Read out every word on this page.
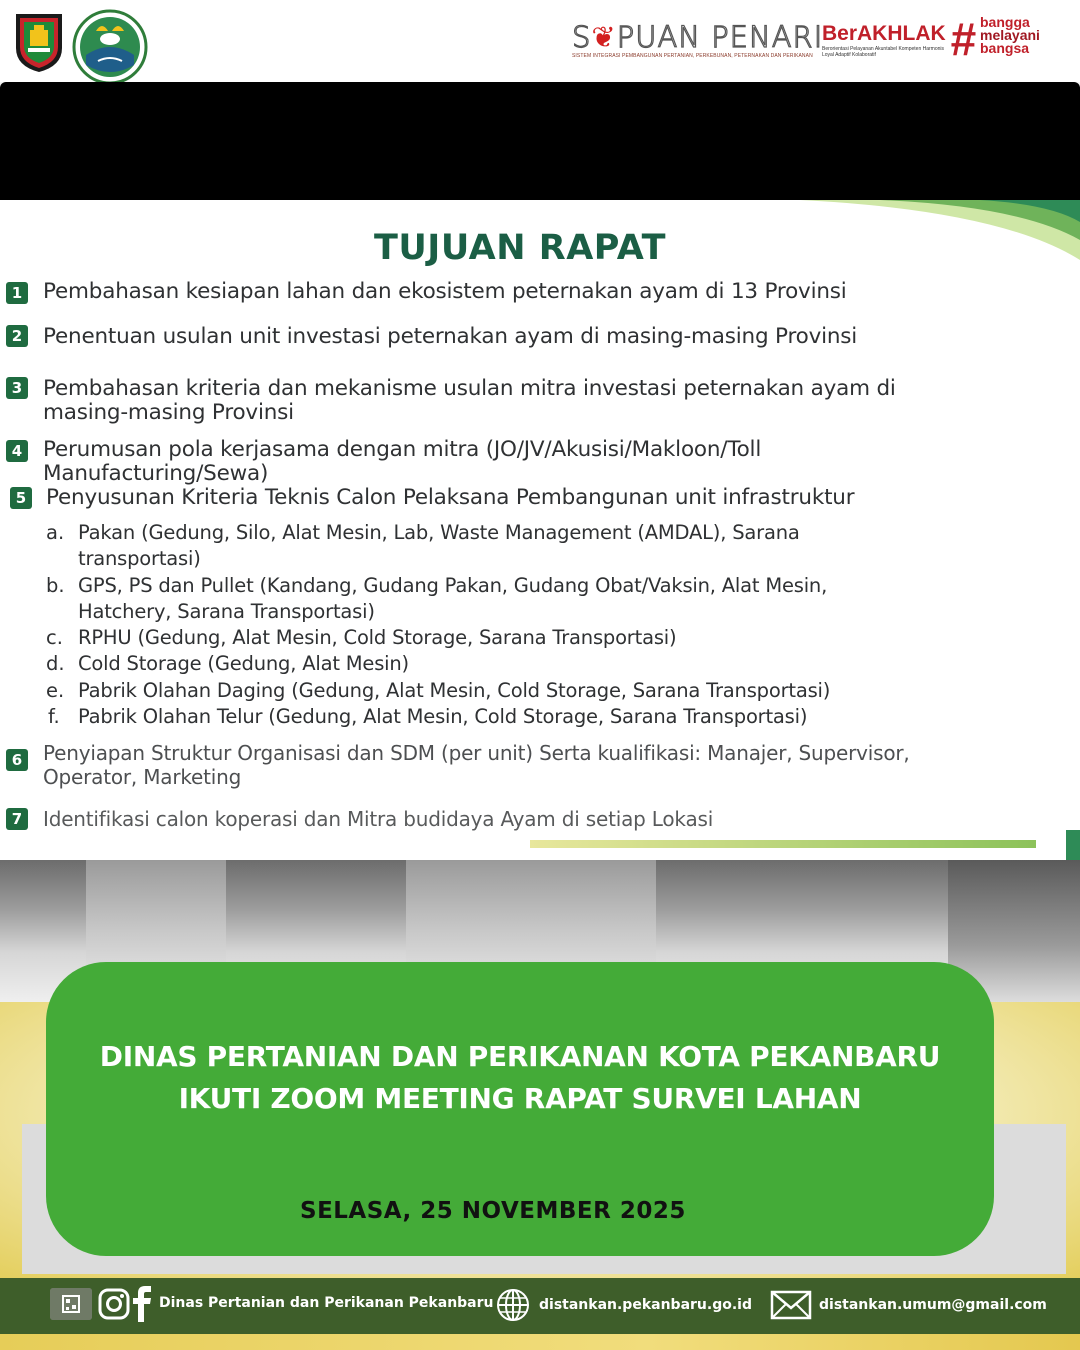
S❦PUAN PENARI
SISTEM INTEGRASI PEMBANGUNAN PERTANIAN, PERKEBUNAN, PETERNAKAN DAN PERIKANAN
BerAKHLAK
Berorientasi Pelayanan Akuntabel Kompeten Harmonis Loyal Adaptif Kolaboratif	# bangga
melayani
bangsa
TUJUAN RAPAT
1 Pembahasan kesiapan lahan dan ekosistem peternakan ayam di 13 Provinsi
2 Penentuan usulan unit investasi peternakan ayam di masing-masing Provinsi
3 Pembahasan kriteria dan mekanisme usulan mitra investasi peternakan ayam di
masing-masing Provinsi
4 Perumusan pola kerjasama dengan mitra (JO/JV/Akusisi/Makloon/Toll
Manufacturing/Sewa)
5 Penyusunan Kriteria Teknis Calon Pelaksana Pembangunan unit infrastruktur
a. Pakan (Gedung, Silo, Alat Mesin, Lab, Waste Management (AMDAL), Sarana
transportasi)
b. GPS, PS dan Pullet (Kandang, Gudang Pakan, Gudang Obat/Vaksin, Alat Mesin,
Hatchery, Sarana Transportasi)
c. RPHU (Gedung, Alat Mesin, Cold Storage, Sarana Transportasi)
d. Cold Storage (Gedung, Alat Mesin)
e. Pabrik Olahan Daging (Gedung, Alat Mesin, Cold Storage, Sarana Transportasi)
f. Pabrik Olahan Telur (Gedung, Alat Mesin, Cold Storage, Sarana Transportasi)
6 Penyiapan Struktur Organisasi dan SDM (per unit) Serta kualifikasi: Manajer, Supervisor,
Operator, Marketing
7 Identifikasi calon koperasi dan Mitra budidaya Ayam di setiap Lokasi
DINAS PERTANIAN DAN PERIKANAN KOTA PEKANBARU
IKUTI ZOOM MEETING RAPAT SURVEI LAHAN
SELASA, 25 NOVEMBER 2025
Dinas Pertanian dan Perikanan Pekanbaru	distankan.pekanbaru.go.id	distankan.umum@gmail.com
